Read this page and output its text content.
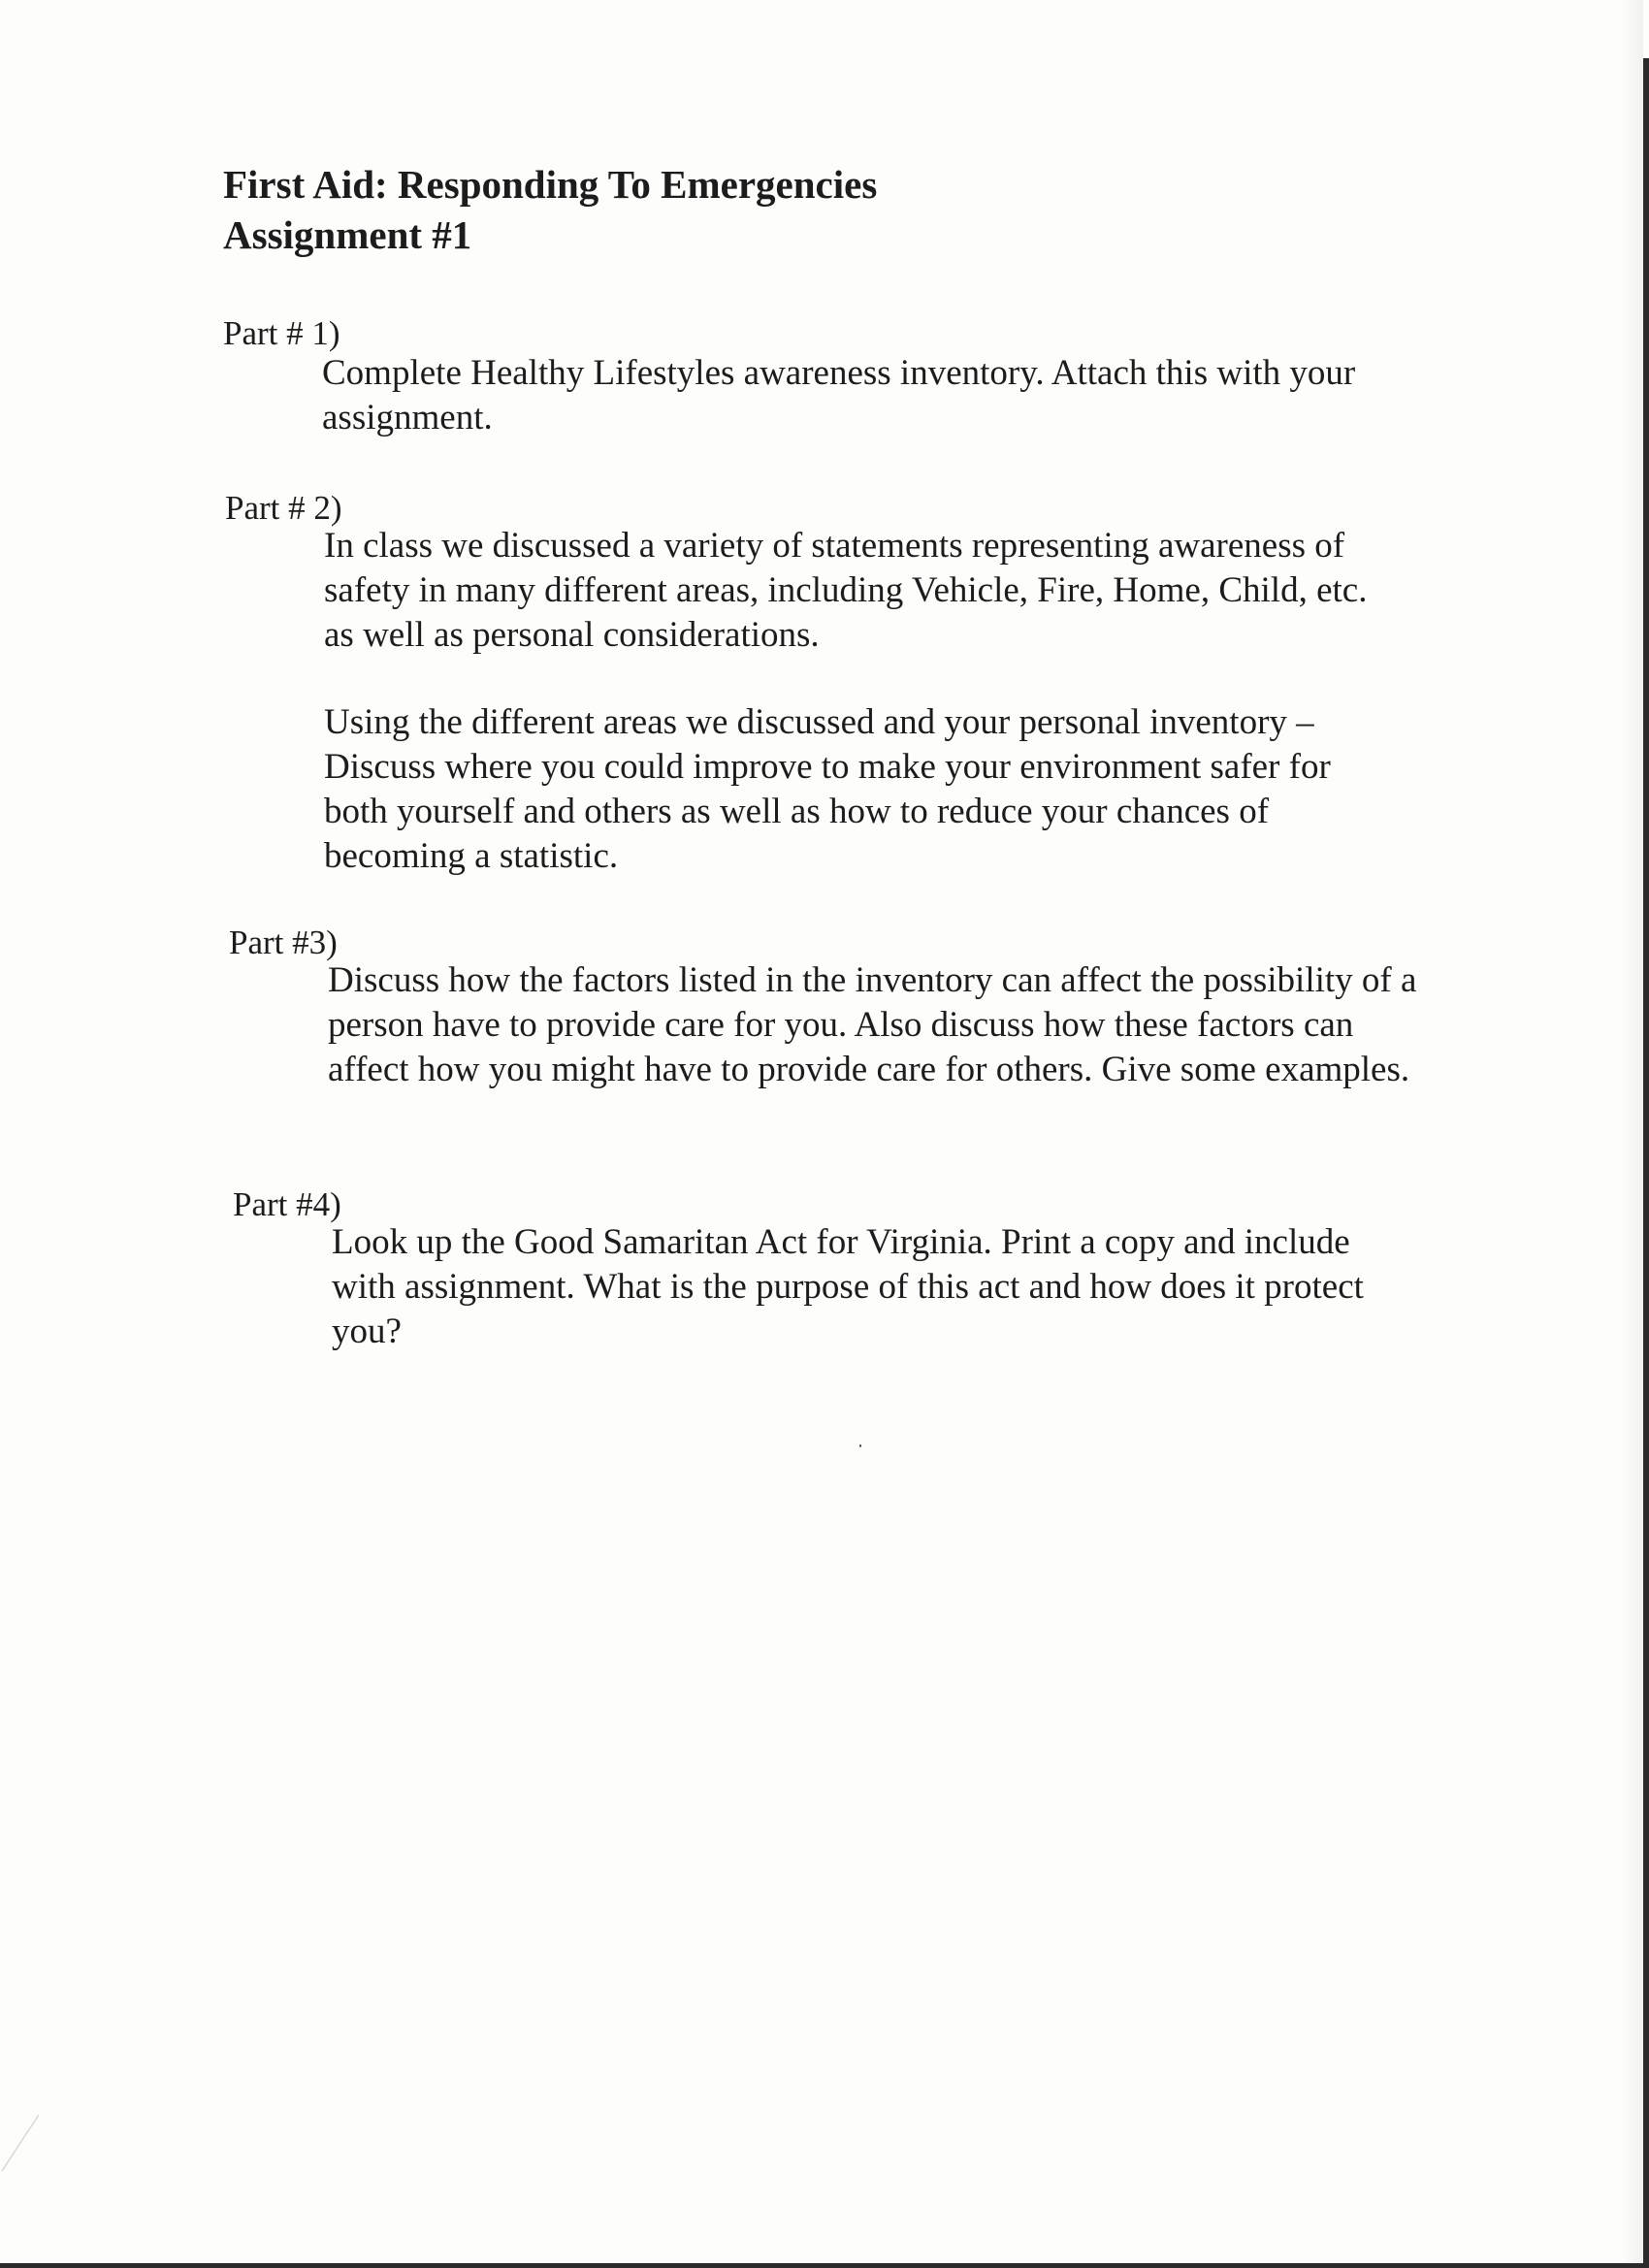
First Aid: Responding To Emergencies
Assignment #1
Part # 1)

Complete Healthy Lifestyles awareness inventory. Attach this with your assignment.

Part # 2)

In class we discussed a variety of statements representing awareness of safety in many different areas, including Vehicle, Fire, Home, Child, etc. as well as personal considerations.

Using the different areas we discussed and your personal inventory – Discuss where you could improve to make your environment safer for both yourself and others as well as how to reduce your chances of becoming a statistic.

Part #3)

Discuss how the factors listed in the inventory can affect the possibility of a person have to provide care for you. Also discuss how these factors can affect how you might have to provide care for others. Give some examples.

Part #4)

Look up the Good Samaritan Act for Virginia. Print a copy and include with assignment. What is the purpose of this act and how does it protect you?
